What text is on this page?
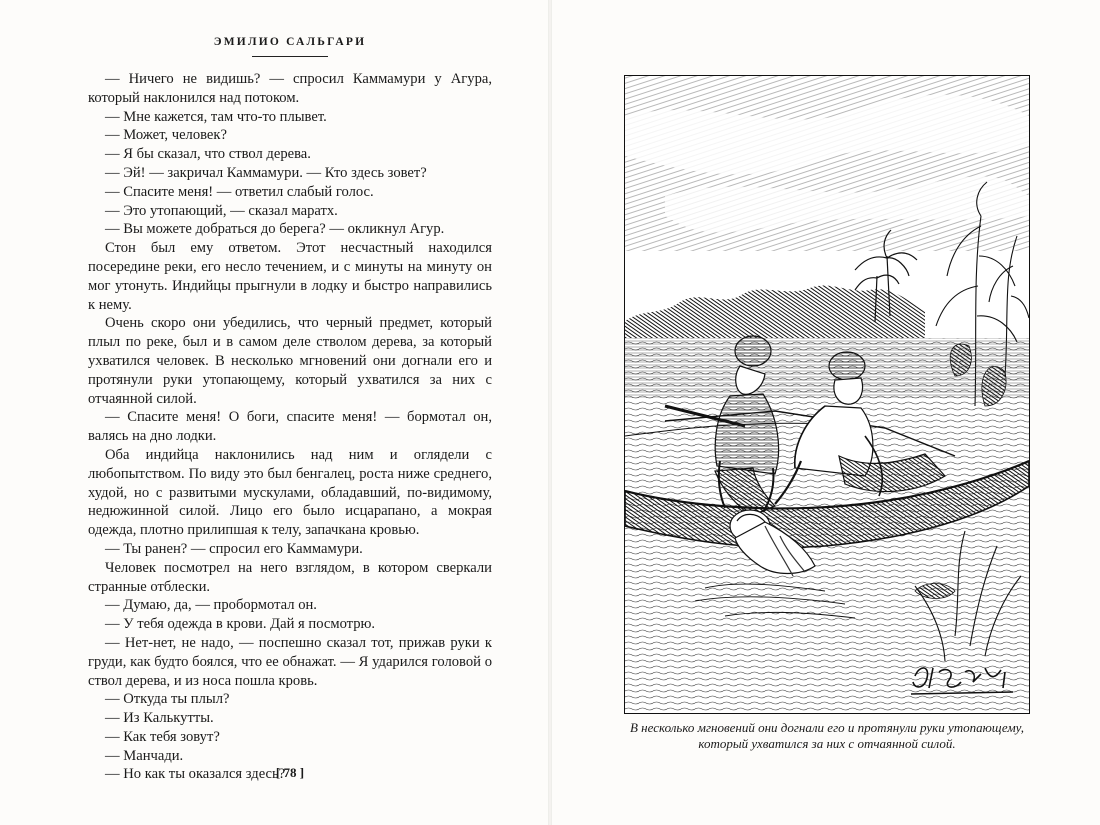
ЭМИЛИО САЛЬГАРИ

— Ничего не видишь? — спросил Каммамури у Агура, который наклонился над потоком.

— Мне кажется, там что-то плывет.

— Может, человек?

— Я бы сказал, что ствол дерева.

— Эй! — закричал Каммамури. — Кто здесь зовет?

— Спасите меня! — ответил слабый голос.

— Это утопающий, — сказал маратх.

— Вы можете добраться до берега? — окликнул Агур.

Стон был ему ответом. Этот несчастный находился посередине реки, его несло течением, и с минуты на минуту он мог утонуть. Индийцы прыгнули в лодку и быстро направились к нему.

Очень скоро они убедились, что черный предмет, который плыл по реке, был и в самом деле стволом дерева, за который ухватился человек. В несколько мгновений они догнали его и протянули руки утопающему, который ухватился за них с отчаянной силой.

— Спасите меня! О боги, спасите меня! — бормотал он, валясь на дно лодки.

Оба индийца наклонились над ним и оглядели с любопытством. По виду это был бенгалец, роста ниже среднего, худой, но с развитыми мускулами, обладавший, по-видимому, недюжинной силой. Лицо его было исцарапано, а мокрая одежда, плотно прилипшая к телу, запачкана кровью.

— Ты ранен? — спросил его Каммамури.

Человек посмотрел на него взглядом, в котором сверкали странные отблески.

— Думаю, да, — пробормотал он.

— У тебя одежда в крови. Дай я посмотрю.

— Нет-нет, не надо, — поспешно сказал тот, прижав руки к груди, как будто боялся, что ее обнажат. — Я ударился головой о ствол дерева, и из носа пошла кровь.

— Откуда ты плыл?

— Из Калькутты.

— Как тебя зовут?

— Манчади.

— Но как ты оказался здесь?

[ 78 ]
В несколько мгновений они догнали его и протянули руки утопающему, который ухватился за них с отчаянной силой.
